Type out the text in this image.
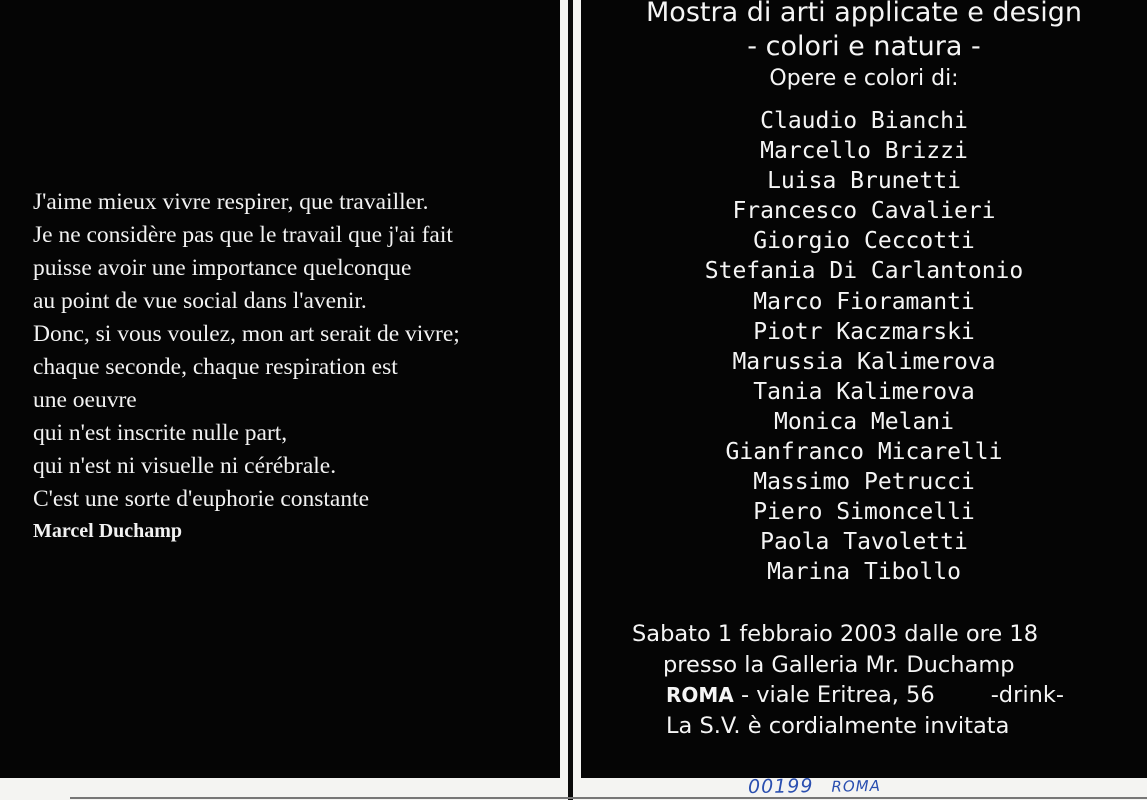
J'aime mieux vivre respirer, que travailler.
Je ne considère pas que le travail que j'ai fait
puisse avoir une importance quelconque
au point de vue social dans l'avenir.
Donc, si vous voulez, mon art serait de vivre;
chaque seconde, chaque respiration est
une oeuvre
qui n'est inscrite nulle part,
qui n'est ni visuelle ni cérébrale.
C'est une sorte d'euphorie constante
Marcel Duchamp
Mostra di arti applicate e design
- colori e natura -
Opere e colori di:
Claudio Bianchi
Marcello Brizzi
Luisa Brunetti
Francesco Cavalieri
Giorgio Ceccotti
Stefania Di Carlantonio
Marco Fioramanti
Piotr Kaczmarski
Marussia Kalimerova
Tania Kalimerova
Monica Melani
Gianfranco Micarelli
Massimo Petrucci
Piero Simoncelli
Paola Tavoletti
Marina Tibollo
Sabato 1 febbraio 2003 dalle ore 18
presso la Galleria Mr. Duchamp
ROMA - viale Eritrea, 56 -drink-
La S.V. è cordialmente invitata
00199 ROMA
